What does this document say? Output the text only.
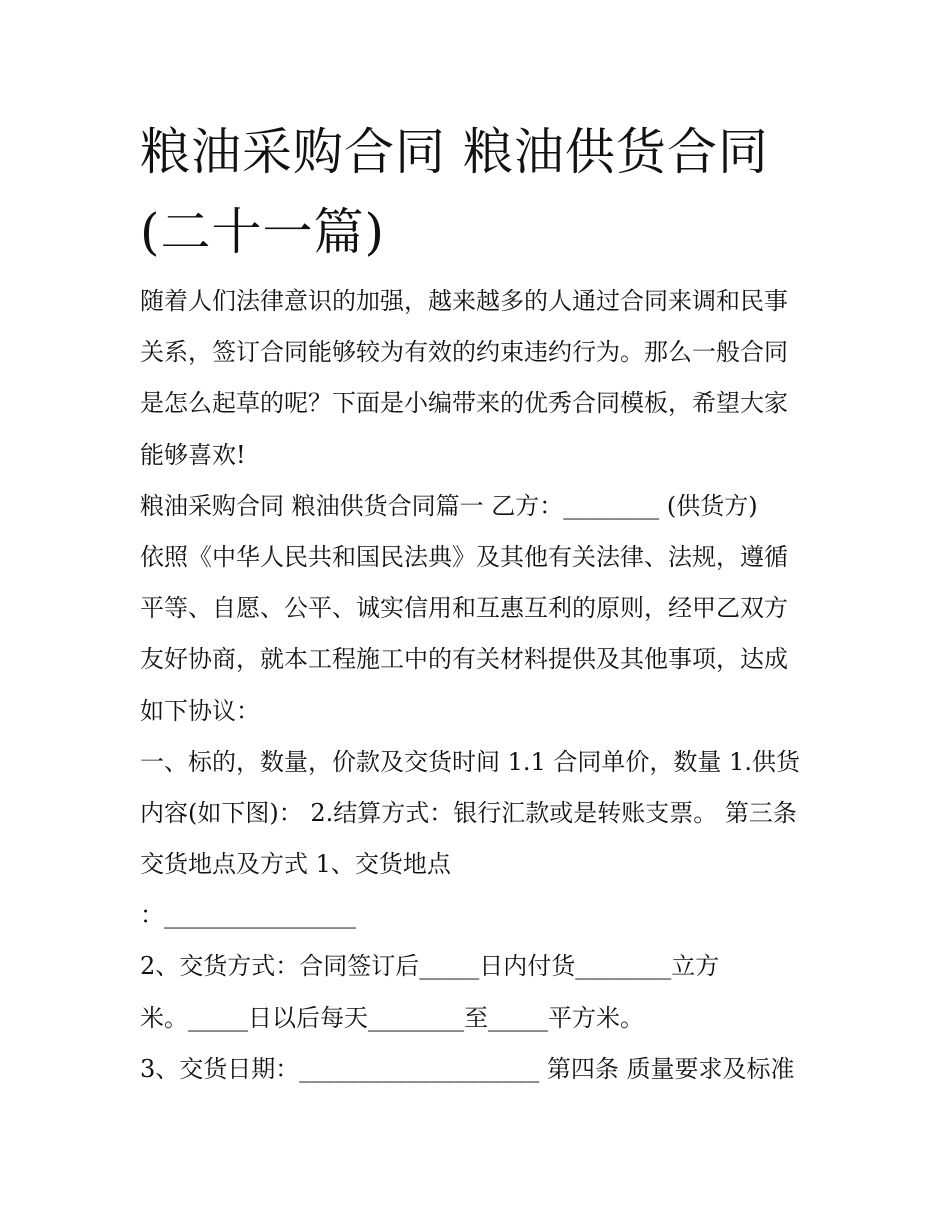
粮油采购合同 粮油供货合同
(二十一篇)
随着人们法律意识的加强，越来越多的人通过合同来调和民事
关系，签订合同能够较为有效的约束违约行为。那么一般合同
是怎么起草的呢？下面是小编带来的优秀合同模板，希望大家
能够喜欢!
粮油采购合同 粮油供货合同篇一 乙方：________ (供货方)
依照《中华人民共和国民法典》及其他有关法律、法规，遵循
平等、自愿、公平、诚实信用和互惠互利的原则，经甲乙双方
友好协商，就本工程施工中的有关材料提供及其他事项，达成
如下协议：
一、标的，数量，价款及交货时间 1.1 合同单价，数量 1.供货
内容(如下图)： 2.结算方式：银行汇款或是转账支票。 第三条
交货地点及方式 1、交货地点
：________________
2、交货方式：合同签订后_____日内付货________立方
米。_____日以后每天________至_____平方米。
3、交货日期：____________________ 第四条 质量要求及标准
